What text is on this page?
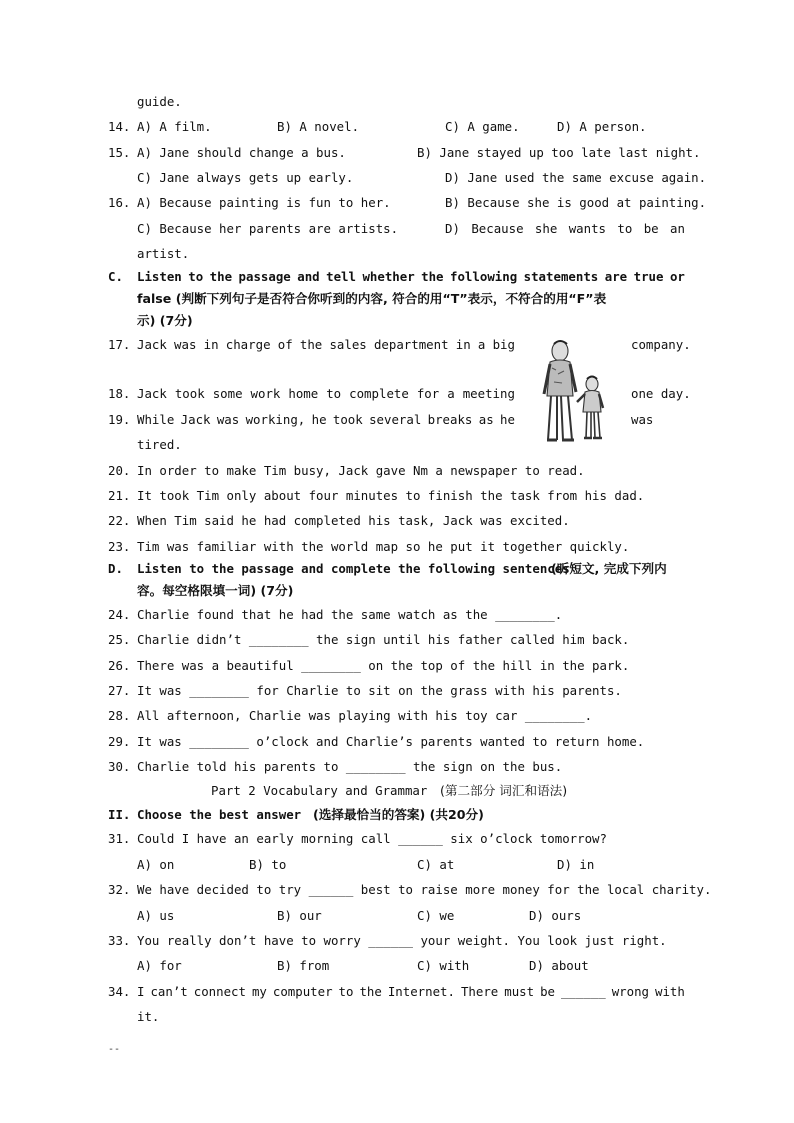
guide.
14. A) A film.	B) A novel.	C) A game.	D) A person.
15. A) Jane should change a bus.	B) Jane stayed up too late last night.
C) Jane always gets up early.	D) Jane used the same excuse again.
16. A) Because painting is fun to her.	B) Because she is good at painting.
C) Because her parents are artists.	D) Because she wants to be an
artist.
C. Listen to the passage and tell whether the following statements are true or
false (判断下列句子是否符合你听到的内容, 符合的用“T”表示，不符合的用“F”表
示) (7分)
17. Jack was in charge of the sales department in a big	company.
18. Jack took some work home to complete for a meeting	one day.
19. While Jack was working, he took several breaks as he	was
tired.
20. In order to make Tim busy, Jack gave Nm a newspaper to read.
21. It took Tim only about four minutes to finish the task from his dad.
22. When Tim said he had completed his task, Jack was excited.
23. Tim was familiar with the world map so he put it together quickly.
D. Listen to the passage and complete the following sentences
(听短文, 完成下列内
容。每空格限填一词) (7分)
24. Charlie found that he had the same watch as the ________.
25. Charlie didn’t ________ the sign until his father called him back.
26. There was a beautiful ________ on the top of the hill in the park.
27. It was ________ for Charlie to sit on the grass with his parents.
28. All afternoon, Charlie was playing with his toy car ________.
29. It was ________ o’clock and Charlie’s parents wanted to return home.
30. Charlie told his parents to ________ the sign on the bus.
Part 2 Vocabulary and Grammar (第二部分 词汇和语法)
II. Choose the best answer (选择最恰当的答案) (共20分)
31. Could I have an early morning call ______ six o’clock tomorrow?
A) on	B) to	C) at	D) in
32. We have decided to try ______ best to raise more money for the local charity.
A) us	B) our	C) we	D) ours
33. You really don’t have to worry ______ your weight. You look just right.
A) for	B) from	C) with	D) about
34. I can’t connect my computer to the Internet. There must be ______ wrong with
it.
--
